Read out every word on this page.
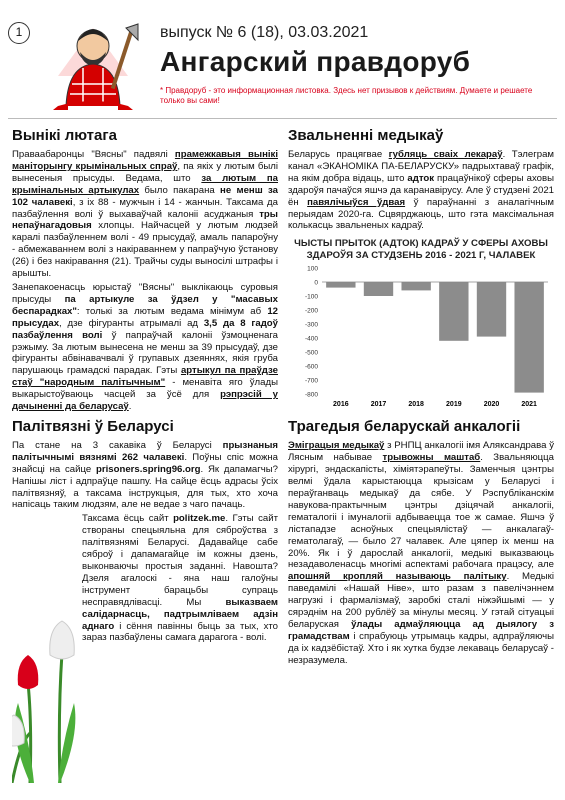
1	выпуск № 6 (18), 03.03.2021
Ангарский правдоруб
* Правдоруб - это информационная листовка. Здесь нет призывов к действиям. Думаете и решаете только вы сами!
Вынікі лютага

Праваабаронцы "Вясны" падвялі прамежкавыя вынікі маніторынгу крымінальных спраў, па якіх у лютым былі вынесеныя прысуды. Ведама, што за лютым па крымінальных артыкулах было пакарана не менш за 102 чалавекі, з іх 88 - мужчын і 14 - жанчын. Таксама да пазбаўлення волі ў выхаваўчай калоніі асуджаныя тры непаўнагадовыя хлопцы. Найчасцей у лютым людзей каралі пазбаўленнем волі - 49 прысудаў, амаль папароўну - абмежаваннем волі з накіраваннем у папраўчую ўстанову (26) і без накіравання (21). Трайчы суды выносілі штрафы і арышты.

Занепакоенасць юрыстаў "Вясны" выклікаюць суровыя прысуды па артыкуле за ўдзел у "масавых беспарадках": толькі за лютым ведама мінімум аб 12 прысудах, дзе фігуранты атрымалі ад 3,5 да 8 гадоў пазбаўлення волі ў папраўчай калоніі ўзмоцненага рэжыму. За лютым вынесена не менш за 39 прысудаў, дзе фігуранты абвінавачвалі ў групавых дзеяннях, якія груба парушаюць грамадскі парадак. Гэты артыкул па праўдзе стаў "народным палітычным" - менавіта яго ўлады выкарыстоўваюць часцей за ўсё для рэпрэсій у дачыненні да беларусаў.

Палітвязні ў Беларусі

Па стане на 3 сакавіка ў Беларусі прызнаныя палітычнымі вязнямі 262 чалавекі. Поўны спіс можна знайсці на сайце prisoners.spring96.org. Як дапамагчы? Напішы ліст і адпраўце пашпу. На сайце ёсць адрасы ўсіх палітвязняў, а таксама інструкцыя, для тых, хто хоча напісаць таким людзям, але не ведае з чаго пачаць.

Таксама ёсць сайт politzek.me. Гэты сайт створаны спецыяльна для сяброўства з палітвязнямі Беларусі. Дадавайце сабе сяброў і дапамагайце ім кожны дзень, выконваючы простыя заданні. Навошта? Дзеля агалоскі - яна наш галоўны інструмент барацьбы супраць несправядлівасці. Мы выказваем салідарнасць, падтрымліваем адзін аднаго і сёння павінны быць за тых, хто зараз пазбаўлены самага дарагога - волі.

Звальненні медыкаў

Беларусь працягвае губляць сваіх лекараў. Тэлеграм канал «ЭКАНОМІКА ПА-БЕЛАРУСКУ» падрыхтаваў графік, на якім добра відаць, што адток працаўнікоў сферы аховы здароўя пачаўся яшчэ да каранавірусу. Але ў студзені 2021 ён павялічыўся ўдвая ў параўнанні з аналагічным перыядам 2020-га. Сцвярджаюць, што гэта максімальная колькасць звальненых кадраў.

ЧЫСТЫ ПРЫТОК (АДТОК) КАДРАЎ У СФЕРЫ АХОВЫ ЗДАРОЎЯ ЗА СТУДЗЕНЬ 2016 - 2021 Г, ЧАЛАВЕК
100
0
-100
-200
-300
-400
-500
-600
-700
-800
2016	2017	2018	2019	2020	2021
Трагедыя беларускай анкалогіі

Эміграцыя медыкаў з РНПЦ анкалогіі імя Аляксандрава ў Лясным набывае трывожны маштаб. Звальняюцца хірургі, эндаскапісты, хіміятэрапеўты. Заменчыя цэнтры велмі ўдала карыстаюцца крызісам у Беларусі і пераўганваць медыкаў да сябе. У Рэспубліканскім навукова-практычным цэнтры дзіцячай анкалогіі, гематалогіі і імуналогіі адбываецца тое ж самае. Яшчэ ў лістападзе асноўных спецыялістаў — анкалагаў-гематолагаў, — было 27 чалавек. Але цяпер іх менш на 20%. Як і ў дарослай анкалогіі, медыкі выказваюць незадаволенасць многімі аспектамі рабочага працэсу, але апошняй кропляй называюць палітыку. Медыкі паведамілі «Нашай Ніве», што разам з павелічэннем нагрузкі і фармалізмаў, заробкі сталі ніжэйшымі — у сярэднім на 200 рублёў за мінулы месяц. У гэтай сітуацыі беларуская ўлады адмаўляюцца ад дыялогу з грамадствам і спрабуюць утрымаць кадры, адпраўляючы да іх кадзёбістаў. Хто і як хутка будзе лекаваць беларусаў - незразумела.
